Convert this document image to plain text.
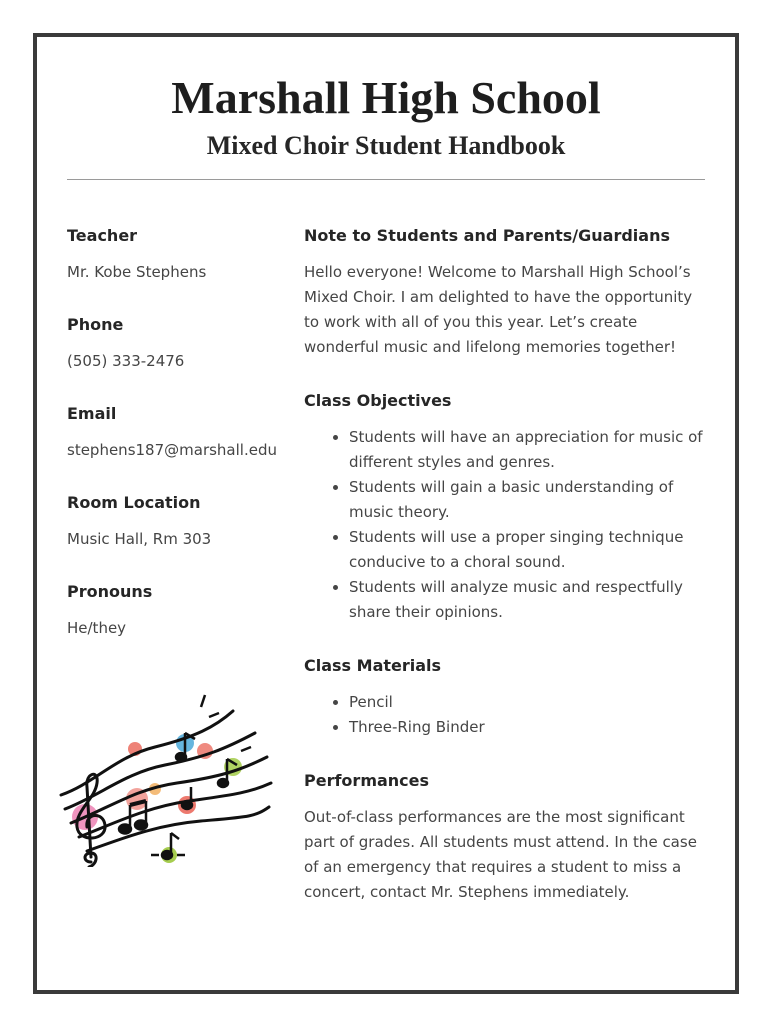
Marshall High School
Mixed Choir Student Handbook
Teacher
Mr. Kobe Stephens
Phone
(505) 333-2476
Email
stephens187@marshall.edu
Room Location
Music Hall, Rm 303
Pronouns
He/they
Note to Students and Parents/Guardians

Hello everyone! Welcome to Marshall High School’s Mixed Choir. I am delighted to have the opportunity to work with all of you this year. Let’s create wonderful music and lifelong memories together!

Class Objectives
• Students will have an appreciation for music of different styles and genres.
• Students will gain a basic understanding of music theory.
• Students will use a proper singing technique conducive to a choral sound.
• Students will analyze music and respectfully share their opinions.
Class Materials
• Pencil
• Three-Ring Binder
Performances

Out-of-class performances are the most significant part of grades. All students must attend. In the case of an emergency that requires a student to miss a concert, contact Mr. Stephens immediately.
